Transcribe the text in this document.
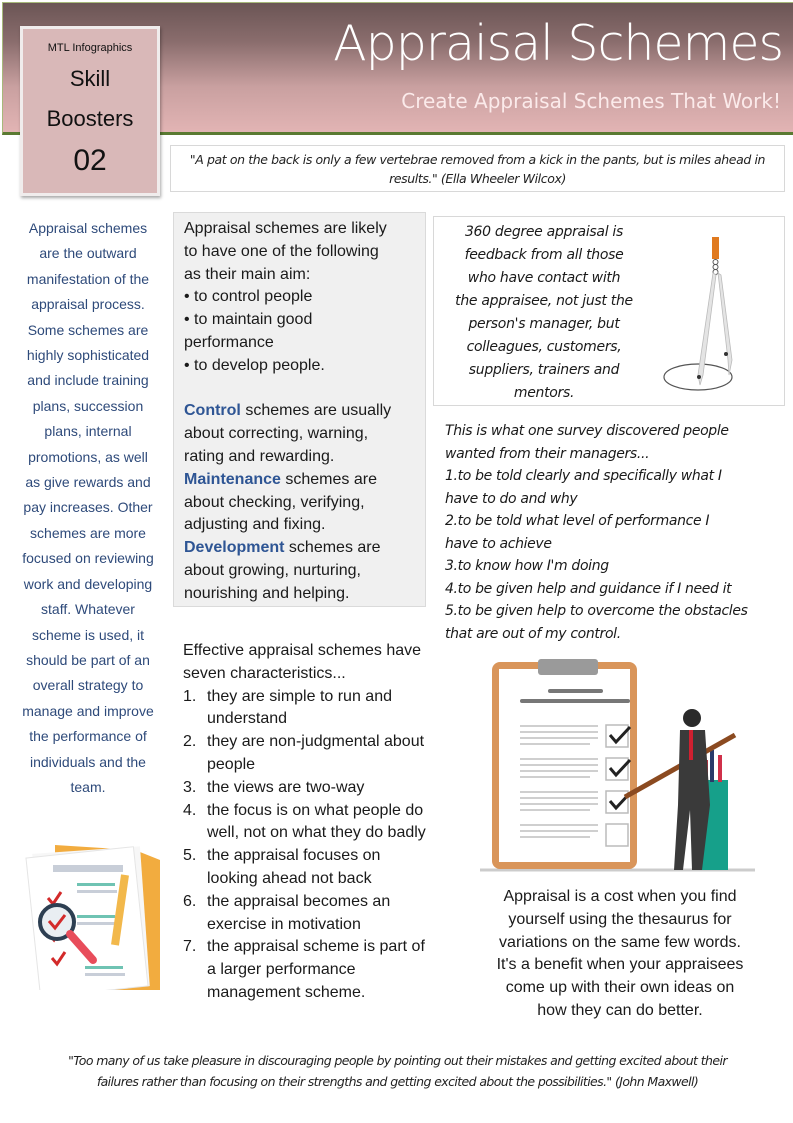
Appraisal Schemes
Create Appraisal Schemes That Work!
MTL Infographics
Skill
Boosters
02	"A pat on the back is only a few vertebrae removed from a kick in the pants, but is miles ahead in
results." (Ella Wheeler Wilcox)
Appraisal schemes
are the outward
manifestation of the
appraisal process.
Some schemes are
highly sophisticated
and include training
plans, succession
plans, internal
promotions, as well
as give rewards and
pay increases. Other
schemes are more
focused on reviewing
work and developing
staff. Whatever
scheme is used, it
should be part of an
overall strategy to
manage and improve
the performance of
individuals and the
team.
Appraisal schemes are likely
to have one of the following
as their main aim:
• to control people
• to maintain good
performance
• to develop people.
Control schemes are usually
about correcting, warning,
rating and rewarding.
Maintenance schemes are
about checking, verifying,
adjusting and fixing.
Development schemes are
about growing, nurturing,
nourishing and helping.
360 degree appraisal is
feedback from all those
who have contact with
the appraisee, not just the
person's manager, but
colleagues, customers,
suppliers, trainers and
mentors.
This is what one survey discovered people
wanted from their managers...
1.to be told clearly and specifically what I
have to do and why
2.to be told what level of performance I
have to achieve
3.to know how I'm doing
4.to be given help and guidance if I need it
5.to be given help to overcome the obstacles
that are out of my control.
Effective appraisal schemes have
seven characteristics...
1. they are simple to run and
understand
2. they are non-judgmental about
people
3. the views are two-way
4. the focus is on what people do
well, not on what they do badly
5. the appraisal focuses on
looking ahead not back
6. the appraisal becomes an
exercise in motivation
7. the appraisal scheme is part of
a larger performance
management scheme.
Appraisal is a cost when you find
yourself using the thesaurus for
variations on the same few words.
It's a benefit when your appraisees
come up with their own ideas on
how they can do better.
"Too many of us take pleasure in discouraging people by pointing out their mistakes and getting excited about their
failures rather than focusing on their strengths and getting excited about the possibilities." (John Maxwell)
